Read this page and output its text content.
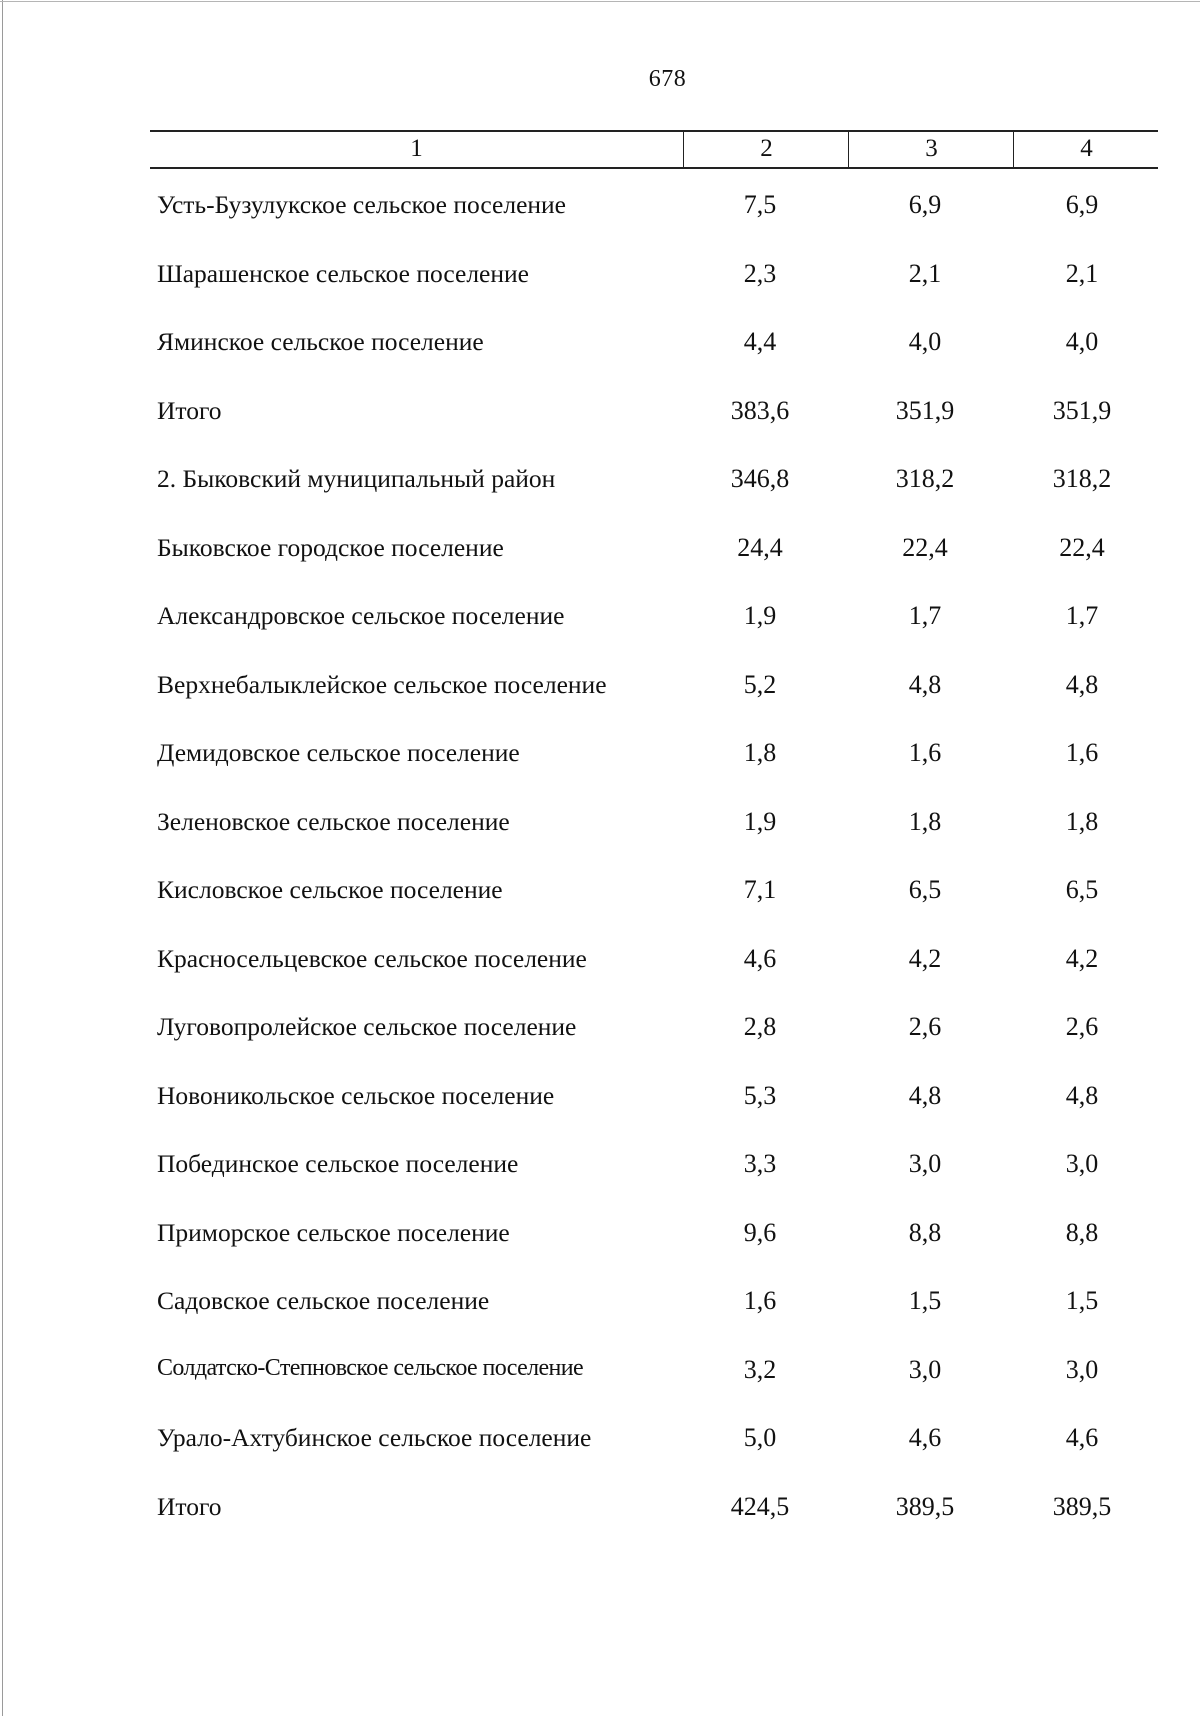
678
1	2	3	4
Усть-Бузулукское сельское поселение	7,5	6,9	6,9
Шарашенское сельское поселение	2,3	2,1	2,1
Яминское сельское поселение	4,4	4,0	4,0
Итого	383,6	351,9	351,9
2. Быковский муниципальный район	346,8	318,2	318,2
Быковское городское поселение	24,4	22,4	22,4
Александровское сельское поселение	1,9	1,7	1,7
Верхнебалыклейское сельское поселение	5,2	4,8	4,8
Демидовское сельское поселение	1,8	1,6	1,6
Зеленовское сельское поселение	1,9	1,8	1,8
Кисловское сельское поселение	7,1	6,5	6,5
Красносельцевское сельское поселение	4,6	4,2	4,2
Луговопролейское сельское поселение	2,8	2,6	2,6
Новоникольское сельское поселение	5,3	4,8	4,8
Побединское сельское поселение	3,3	3,0	3,0
Приморское сельское поселение	9,6	8,8	8,8
Садовское сельское поселение	1,6	1,5	1,5
Солдатско-Степновское сельское поселение	3,2	3,0	3,0
Урало-Ахтубинское сельское поселение	5,0	4,6	4,6
Итого	424,5	389,5	389,5
